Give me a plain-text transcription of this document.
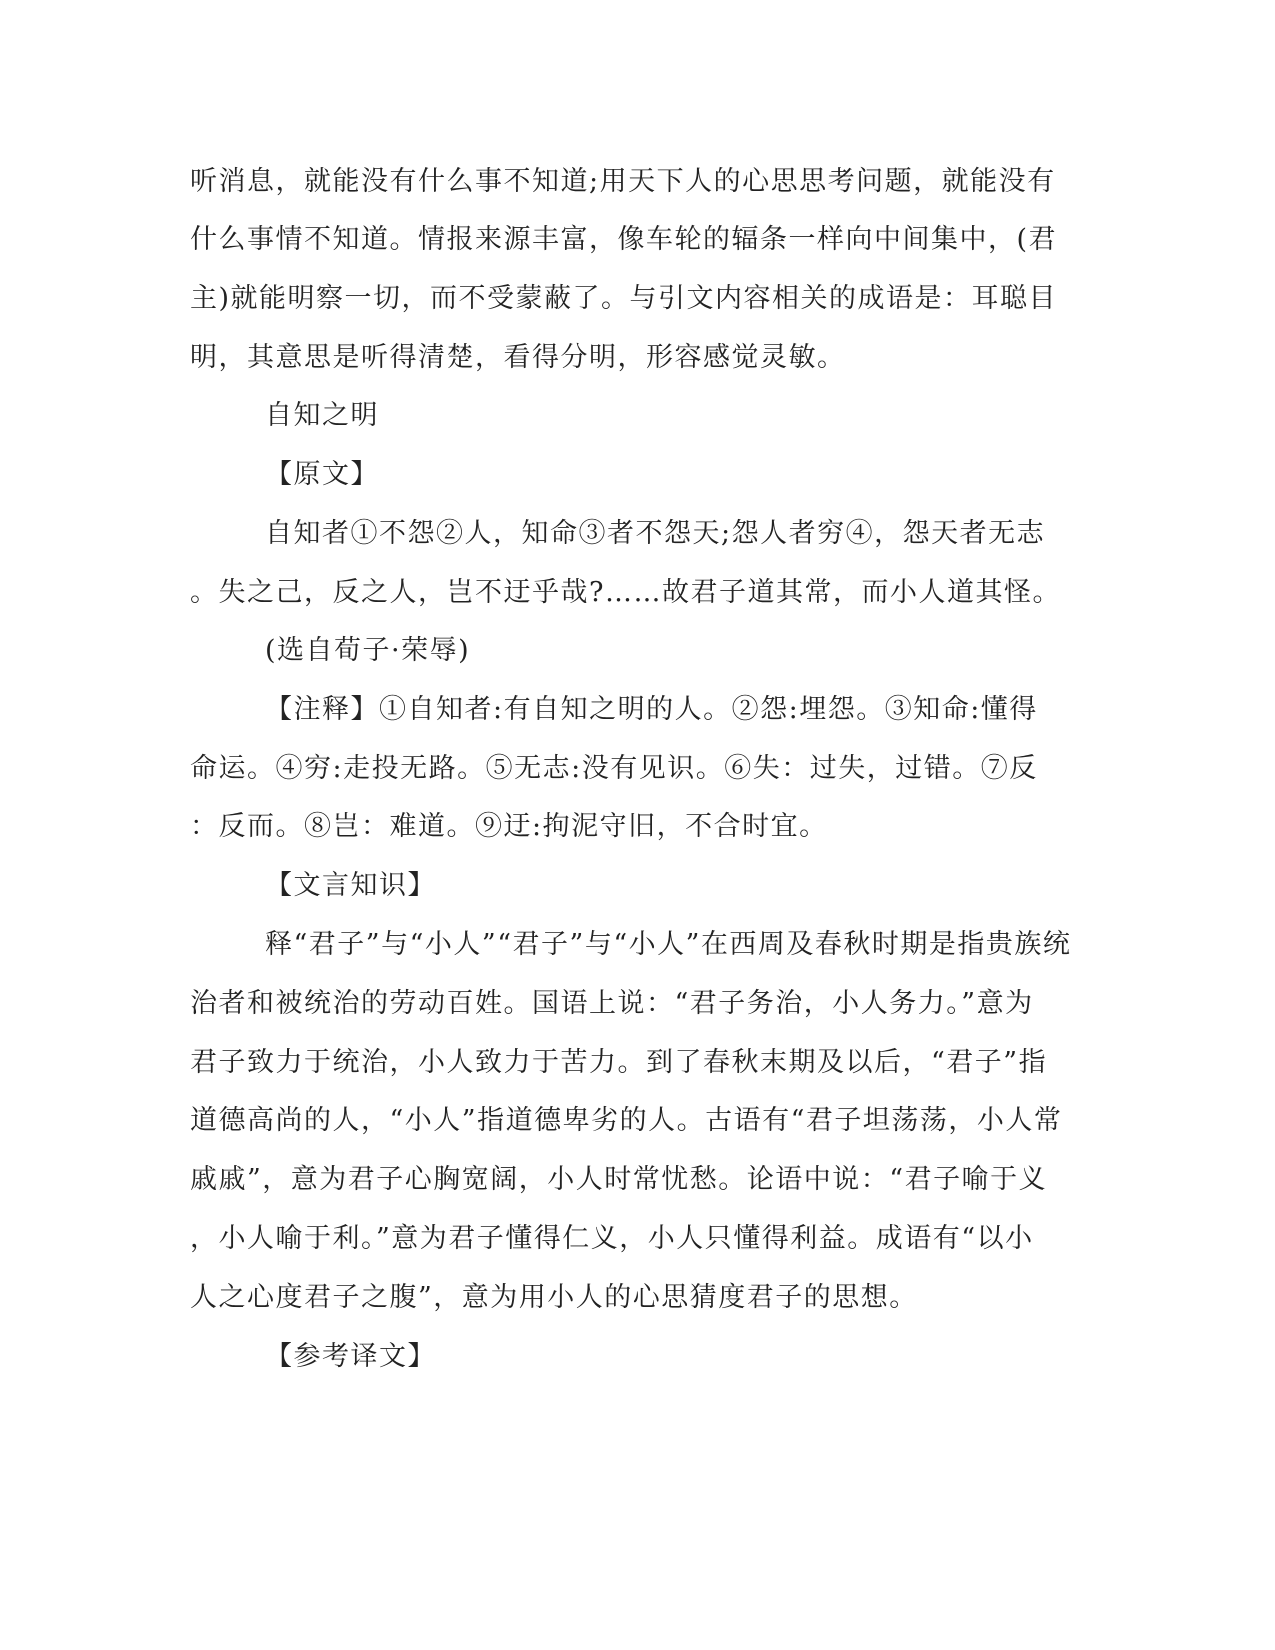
听消息，就能没有什么事不知道;用天下人的心思思考问题，就能没有
什么事情不知道。情报来源丰富，像车轮的辐条一样向中间集中，(君
主)就能明察一切，而不受蒙蔽了。与引文内容相关的成语是：耳聪目
明，其意思是听得清楚，看得分明，形容感觉灵敏。
自知之明
【原文】
自知者①不怨②人，知命③者不怨天;怨人者穷④，怨天者无志
。失之己，反之人，岂不迂乎哉?……故君子道其常，而小人道其怪。
(选自荀子·荣辱)
【注释】①自知者:有自知之明的人。②怨:埋怨。③知命:懂得
命运。④穷:走投无路。⑤无志:没有见识。⑥失：过失，过错。⑦反
：反而。⑧岂：难道。⑨迂:拘泥守旧，不合时宜。
【文言知识】
释“君子”与“小人”“君子”与“小人”在西周及春秋时期是指贵族统
治者和被统治的劳动百姓。国语上说：“君子务治，小人务力。”意为
君子致力于统治，小人致力于苦力。到了春秋末期及以后，“君子”指
道德高尚的人，“小人”指道德卑劣的人。古语有“君子坦荡荡，小人常
戚戚”，意为君子心胸宽阔，小人时常忧愁。论语中说：“君子喻于义
，小人喻于利。”意为君子懂得仁义，小人只懂得利益。成语有“以小
人之心度君子之腹”，意为用小人的心思猜度君子的思想。
【参考译文】
